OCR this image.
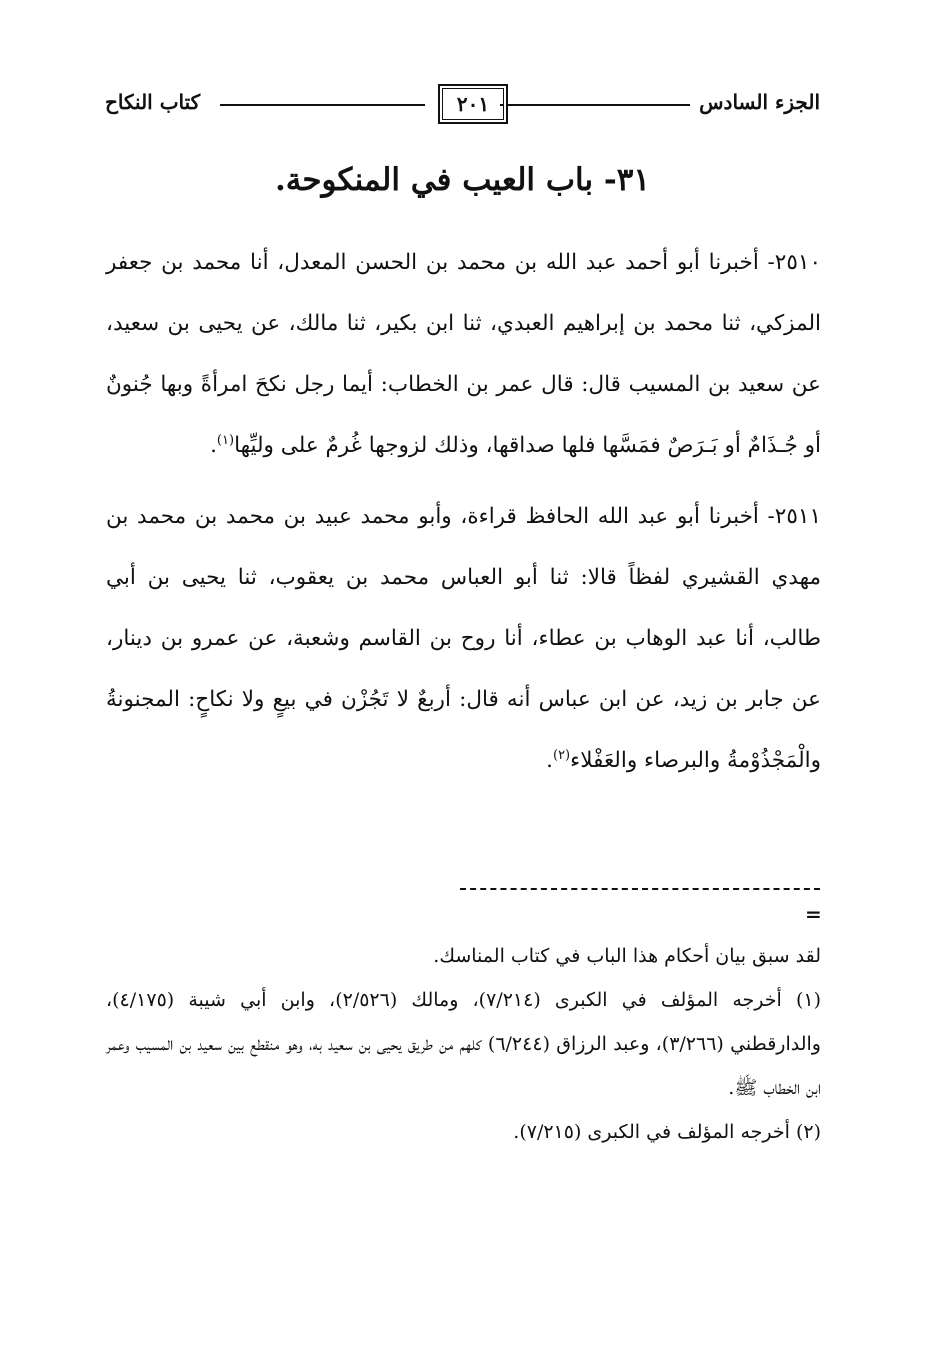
الجزء السادس
٢٠١
كتاب النكاح
٣١- باب العيب في المنكوحة.

٢٥١٠- أخبرنا أبو أحمد عبد الله بن محمد بن الحسن المعدل، أنا محمد بن جعفر المزكي، ثنا محمد بن إبراهيم العبدي، ثنا ابن بكير، ثنا مالك، عن يحيى بن سعيد، عن سعيد بن المسيب قال: قال عمر بن الخطاب: أيما رجل نكحَ امرأةً وبها جُنونٌ أو جُـذَامٌ أو بَـرَصٌ فمَسَّها فلها صداقها، وذلك لزوجها غُرمٌ على وليِّها$^{(١)}$.

٢٥١١- أخبرنا أبو عبد الله الحافظ قراءة، وأبو محمد عبيد بن محمد بن محمد بن مهدي القشيري لفظاً قالا: ثنا أبو العباس محمد بن يعقوب، ثنا يحيى بن أبي طالب، أنا عبد الوهاب بن عطاء، أنا روح بن القاسم وشعبة، عن عمرو بن دينار، عن جابر بن زيد، عن ابن عباس أنه قال: أربعٌ لا تَجُزْن في بيعٍ ولا نكاحٍ: المجنونةُ والْمَجْذُوْمةُ والبرصاء والعَفْلاء$^{(٢)}$.

=

لقد سبق بيان أحكام هذا الباب في كتاب المناسك.

(١) أخرجه المؤلف في الكبرى (٧/٢١٤)، ومالك (٢/٥٢٦)، وابن أبي شيبة (٤/١٧٥)، والدارقطني (٣/٢٦٦)، وعبد الرزاق (٦/٢٤٤) كلهم من طريق يحيى بن سعيد به، وهو منقطع بين سعيد بن المسيب وعمر ابن الخطاب ﷺ.

(٢) أخرجه المؤلف في الكبرى (٧/٢١٥).
